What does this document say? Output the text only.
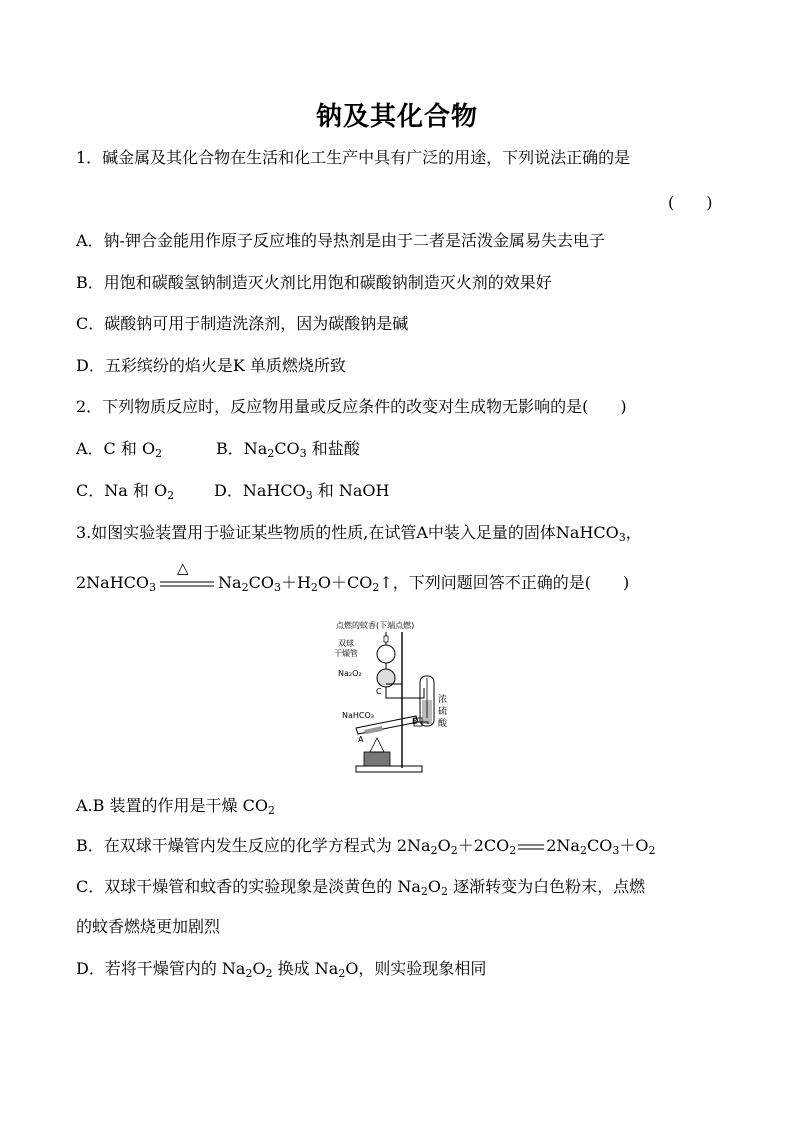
钠及其化合物
1．碱金属及其化合物在生活和化工生产中具有广泛的用途，下列说法正确的是
(　　)
A．钠-钾合金能用作原子反应堆的导热剂是由于二者是活泼金属易失去电子
B．用饱和碳酸氢钠制造灭火剂比用饱和碳酸钠制造灭火剂的效果好
C．碳酸钠可用于制造洗涤剂，因为碳酸钠是碱
D．五彩缤纷的焰火是K 单质燃烧所致
2．下列物质反应时，反应物用量或反应条件的改变对生成物无影响的是(　　)
A．C 和 $O_2$	B．$Na_2CO_3$ 和盐酸
C．Na 和 $O_2$ D．NaHCO$_3$ 和 NaOH
3.如图实验装置用于验证某些物质的性质,在试管A中装入足量的固体NaHCO$_3$，
2NaHCO$_3$
△
$Na_2CO_3+H_2O+CO_2↑$，下列问题回答不正确的是(　　)
点燃的蚊香(下端点燃)
双球
干燥管
Na₂O₂
NaHCO₃
C
B
A
浓
硫
酸
A.B 装置的作用是干燥 $CO_2$
B．在双球干燥管内发生反应的化学方程式为 $2Na_2O_2+2CO_2$ $2Na_2CO_3+O_2$
C．双球干燥管和蚊香的实验现象是淡黄色的 $Na_2O_2$ 逐渐转变为白色粉末，点燃
的蚊香燃烧更加剧烈
D．若将干燥管内的 $Na_2O_2$ 换成 $Na_2O$，则实验现象相同
